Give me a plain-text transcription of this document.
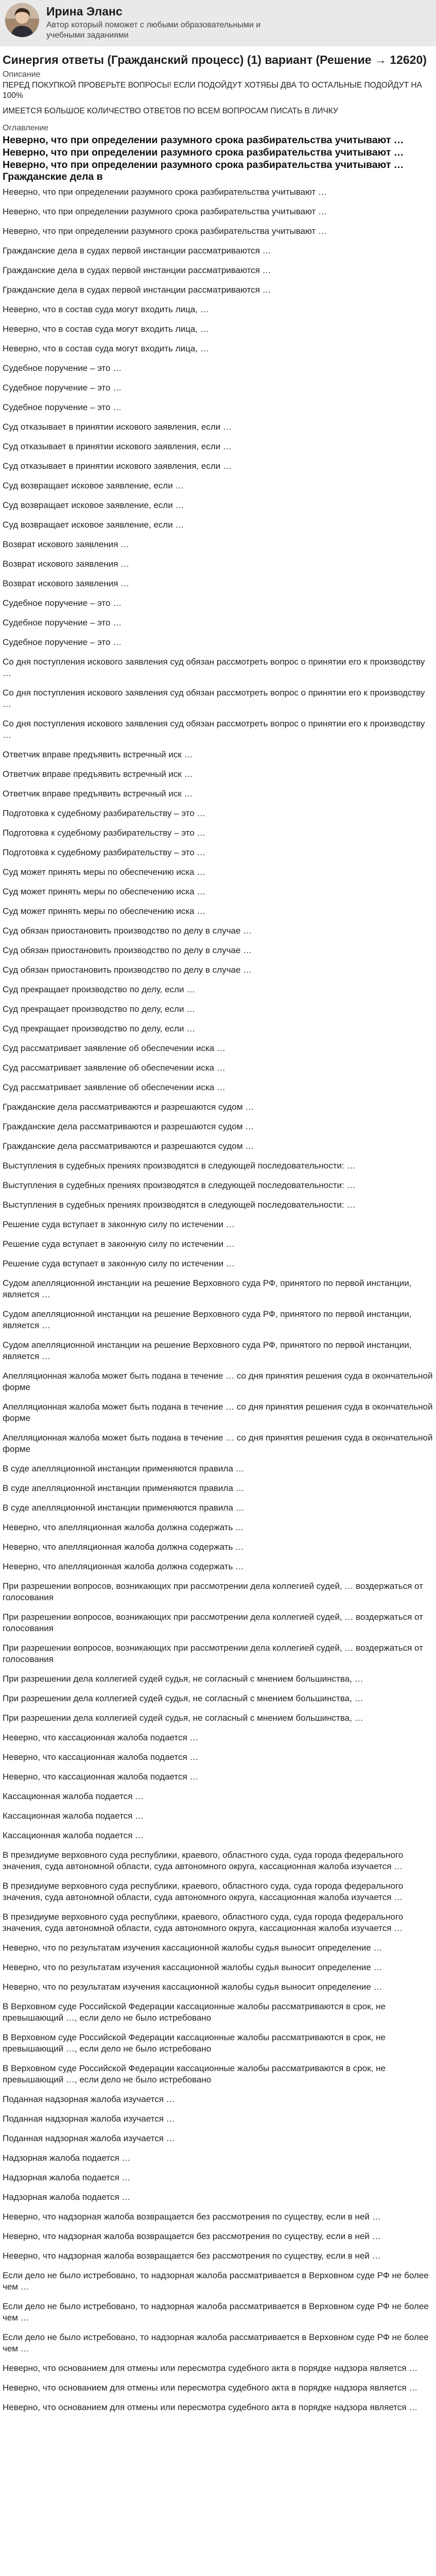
Ирина Эланс
Автор который поможет с любыми образовательными и учебными заданиями
Синергия ответы (Гражданский процесс) (1) вариант (Решение → 12620)
Описание

ПЕРЕД ПОКУПКОЙ ПРОВЕРЬТЕ ВОПРОСЫ! ЕСЛИ ПОДОЙДУТ ХОТЯБЫ ДВА ТО ОСТАЛЬНЫЕ ПОДОЙДУТ НА 100%

ИМЕЕТСЯ БОЛЬШОЕ КОЛИЧЕСТВО ОТВЕТОВ ПО ВСЕМ ВОПРОСАМ ПИСАТЬ В ЛИЧКУ

Оглавление
Неверно, что при определении разумного срока разбирательства учитывают … Неверно, что при определении разумного срока разбирательства учитывают … Неверно, что при определении разумного срока разбирательства учитывают … Гражданские дела в
Неверно, что при определении разумного срока разбирательства учитывают …
Неверно, что при определении разумного срока разбирательства учитывают …
Неверно, что при определении разумного срока разбирательства учитывают …
Гражданские дела в судах первой инстанции рассматриваются …
Гражданские дела в судах первой инстанции рассматриваются …
Гражданские дела в судах первой инстанции рассматриваются …
Неверно, что в состав суда могут входить лица, …
Неверно, что в состав суда могут входить лица, …
Неверно, что в состав суда могут входить лица, …
Судебное поручение – это …
Судебное поручение – это …
Судебное поручение – это …
Суд отказывает в принятии искового заявления, если …
Суд отказывает в принятии искового заявления, если …
Суд отказывает в принятии искового заявления, если …
Суд возвращает исковое заявление, если …
Суд возвращает исковое заявление, если …
Суд возвращает исковое заявление, если …
Возврат искового заявления …
Возврат искового заявления …
Возврат искового заявления …
Судебное поручение – это …
Судебное поручение – это …
Судебное поручение – это …
Со дня поступления искового заявления суд обязан рассмотреть вопрос о принятии его к производству …
Со дня поступления искового заявления суд обязан рассмотреть вопрос о принятии его к производству …
Со дня поступления искового заявления суд обязан рассмотреть вопрос о принятии его к производству …
Ответчик вправе предъявить встречный иск …
Ответчик вправе предъявить встречный иск …
Ответчик вправе предъявить встречный иск …
Подготовка к судебному разбирательству – это …
Подготовка к судебному разбирательству – это …
Подготовка к судебному разбирательству – это …
Суд может принять меры по обеспечению иска …
Суд может принять меры по обеспечению иска …
Суд может принять меры по обеспечению иска …
Суд обязан приостановить производство по делу в случае …
Суд обязан приостановить производство по делу в случае …
Суд обязан приостановить производство по делу в случае …
Суд прекращает производство по делу, если …
Суд прекращает производство по делу, если …
Суд прекращает производство по делу, если …
Суд рассматривает заявление об обеспечении иска …
Суд рассматривает заявление об обеспечении иска …
Суд рассматривает заявление об обеспечении иска …
Гражданские дела рассматриваются и разрешаются судом …
Гражданские дела рассматриваются и разрешаются судом …
Гражданские дела рассматриваются и разрешаются судом …
Выступления в судебных прениях производятся в следующей последовательности: …
Выступления в судебных прениях производятся в следующей последовательности: …
Выступления в судебных прениях производятся в следующей последовательности: …
Решение суда вступает в законную силу по истечении …
Решение суда вступает в законную силу по истечении …
Решение суда вступает в законную силу по истечении …
Судом апелляционной инстанции на решение Верховного суда РФ, принятого по первой инстанции, является …
Судом апелляционной инстанции на решение Верховного суда РФ, принятого по первой инстанции, является …
Судом апелляционной инстанции на решение Верховного суда РФ, принятого по первой инстанции, является …
Апелляционная жалоба может быть подана в течение … со дня принятия решения суда в окончательной форме
Апелляционная жалоба может быть подана в течение … со дня принятия решения суда в окончательной форме
Апелляционная жалоба может быть подана в течение … со дня принятия решения суда в окончательной форме
В суде апелляционной инстанции применяются правила …
В суде апелляционной инстанции применяются правила …
В суде апелляционной инстанции применяются правила …
Неверно, что апелляционная жалоба должна содержать …
Неверно, что апелляционная жалоба должна содержать …
Неверно, что апелляционная жалоба должна содержать …
При разрешении вопросов, возникающих при рассмотрении дела коллегией судей, … воздержаться от голосования
При разрешении вопросов, возникающих при рассмотрении дела коллегией судей, … воздержаться от голосования
При разрешении вопросов, возникающих при рассмотрении дела коллегией судей, … воздержаться от голосования
При разрешении дела коллегией судей судья, не согласный с мнением большинства, …
При разрешении дела коллегией судей судья, не согласный с мнением большинства, …
При разрешении дела коллегией судей судья, не согласный с мнением большинства, …
Неверно, что кассационная жалоба подается …
Неверно, что кассационная жалоба подается …
Неверно, что кассационная жалоба подается …
Кассационная жалоба подается …
Кассационная жалоба подается …
Кассационная жалоба подается …
В президиуме верховного суда республики, краевого, областного суда, суда города федерального значения, суда автономной области, суда автономного округа, кассационная жалоба изучается …
В президиуме верховного суда республики, краевого, областного суда, суда города федерального значения, суда автономной области, суда автономного округа, кассационная жалоба изучается …
В президиуме верховного суда республики, краевого, областного суда, суда города федерального значения, суда автономной области, суда автономного округа, кассационная жалоба изучается …
Неверно, что по результатам изучения кассационной жалобы судья выносит определение …
Неверно, что по результатам изучения кассационной жалобы судья выносит определение …
Неверно, что по результатам изучения кассационной жалобы судья выносит определение …
В Верховном суде Российской Федерации кассационные жалобы рассматриваются в срок, не превышающий …, если дело не было истребовано
В Верховном суде Российской Федерации кассационные жалобы рассматриваются в срок, не превышающий …, если дело не было истребовано
В Верховном суде Российской Федерации кассационные жалобы рассматриваются в срок, не превышающий …, если дело не было истребовано
Поданная надзорная жалоба изучается …
Поданная надзорная жалоба изучается …
Поданная надзорная жалоба изучается …
Надзорная жалоба подается …
Надзорная жалоба подается …
Надзорная жалоба подается …
Неверно, что надзорная жалоба возвращается без рассмотрения по существу, если в ней …
Неверно, что надзорная жалоба возвращается без рассмотрения по существу, если в ней …
Неверно, что надзорная жалоба возвращается без рассмотрения по существу, если в ней …
Если дело не было истребовано, то надзорная жалоба рассматривается в Верховном суде РФ не более чем …
Если дело не было истребовано, то надзорная жалоба рассматривается в Верховном суде РФ не более чем …
Если дело не было истребовано, то надзорная жалоба рассматривается в Верховном суде РФ не более чем …
Неверно, что основанием для отмены или пересмотра судебного акта в порядке надзора является …
Неверно, что основанием для отмены или пересмотра судебного акта в порядке надзора является …
Неверно, что основанием для отмены или пересмотра судебного акта в порядке надзора является …
